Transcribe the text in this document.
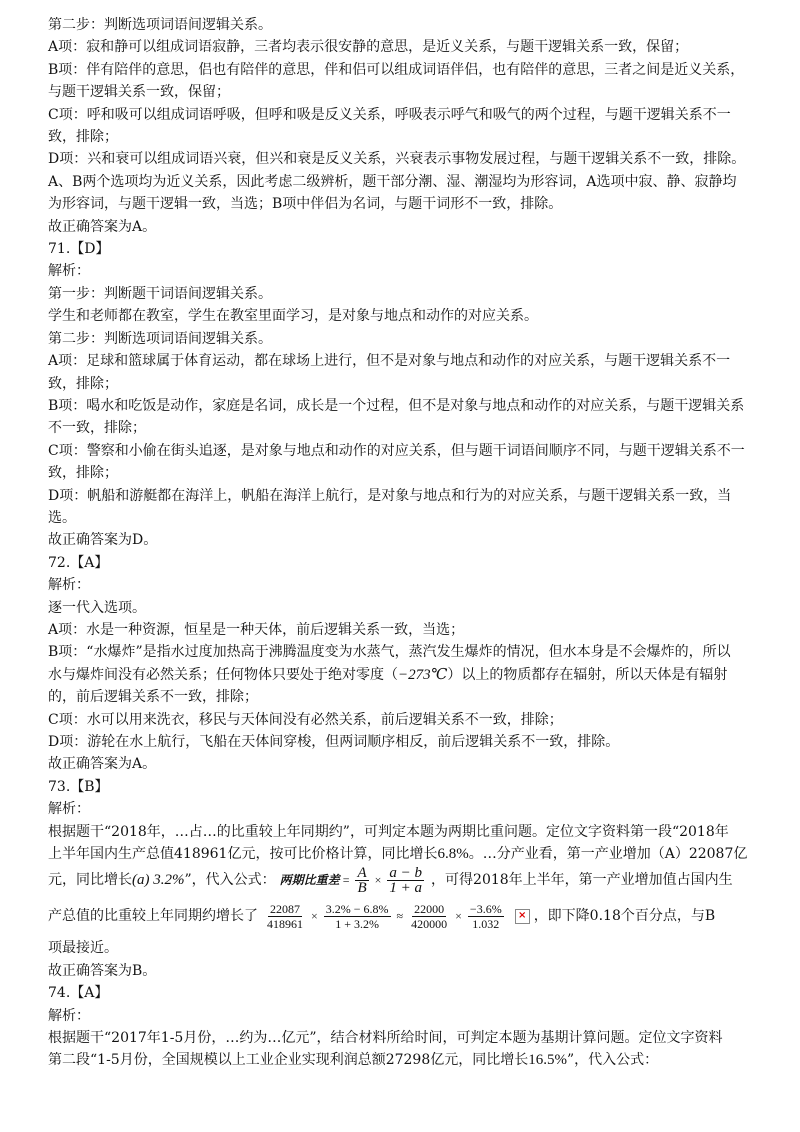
第二步：判断选项词语间逻辑关系。

A项：寂和静可以组成词语寂静，三者均表示很安静的意思，是近义关系，与题干逻辑关系一致，保留；

B项：伴有陪伴的意思，侣也有陪伴的意思，伴和侣可以组成词语伴侣，也有陪伴的意思，三者之间是近义关系，

与题干逻辑关系一致，保留；

C项：呼和吸可以组成词语呼吸，但呼和吸是反义关系，呼吸表示呼气和吸气的两个过程，与题干逻辑关系不一

致，排除；

D项：兴和衰可以组成词语兴衰，但兴和衰是反义关系，兴衰表示事物发展过程，与题干逻辑关系不一致，排除。

A、B两个选项均为近义关系，因此考虑二级辨析，题干部分潮、湿、潮湿均为形容词，A选项中寂、静、寂静均

为形容词，与题干逻辑一致，当选；B项中伴侣为名词，与题干词形不一致，排除。

故正确答案为A。

71.【D】

解析：

第一步：判断题干词语间逻辑关系。

学生和老师都在教室，学生在教室里面学习，是对象与地点和动作的对应关系。

第二步：判断选项词语间逻辑关系。

A项：足球和篮球属于体育运动，都在球场上进行，但不是对象与地点和动作的对应关系，与题干逻辑关系不一

致，排除；

B项：喝水和吃饭是动作，家庭是名词，成长是一个过程，但不是对象与地点和动作的对应关系，与题干逻辑关系

不一致，排除；

C项：警察和小偷在街头追逐，是对象与地点和动作的对应关系，但与题干词语间顺序不同，与题干逻辑关系不一

致，排除；

D项：帆船和游艇都在海洋上，帆船在海洋上航行，是对象与地点和行为的对应关系，与题干逻辑关系一致，当

选。

故正确答案为D。

72.【A】

解析：

逐一代入选项。

A项：水是一种资源，恒星是一种天体，前后逻辑关系一致，当选；

B项：“水爆炸”是指水过度加热高于沸腾温度变为水蒸气，蒸汽发生爆炸的情况，但水本身是不会爆炸的，所以

水与爆炸间没有必然关系；任何物体只要处于绝对零度（−273℃）以上的物质都存在辐射，所以天体是有辐射

的，前后逻辑关系不一致，排除；

C项：水可以用来洗衣，移民与天体间没有必然关系，前后逻辑关系不一致，排除；

D项：游轮在水上航行，飞船在天体间穿梭，但两词顺序相反，前后逻辑关系不一致，排除。

故正确答案为A。

73.【B】

解析：

根据题干“2018年，…占…的比重较上年同期约”，可判定本题为两期比重问题。定位文字资料第一段“2018年

上半年国内生产总值418961亿元，按可比价格计算，同比增长6.8%。…分产业看，第一产业增加（A）22087亿

元，同比增长 (a) 3.2% ”，代入公式： 两期比重差 = $\frac{A}{B} \times \frac{a - b}{1 + a}$ ，可得2018年上半年，第一产业增加值占国内生
产总值的比重较上年同期约增长了 $\frac{22087}{418961} \times \frac{3.2\% - 6.8\%}{1 + 3.2\%} \approx \frac{22000}{420000} \times \frac{-3.6\%}{1.032}$ × ，即下降0.18个百分点，与B

项最接近。

故正确答案为B。

74.【A】

解析：

根据题干“2017年1-5月份，…约为…亿元”，结合材料所给时间，可判定本题为基期计算问题。定位文字资料

第二段“1-5月份，全国规模以上工业企业实现利润总额27298亿元，同比增长16.5%”，代入公式：
